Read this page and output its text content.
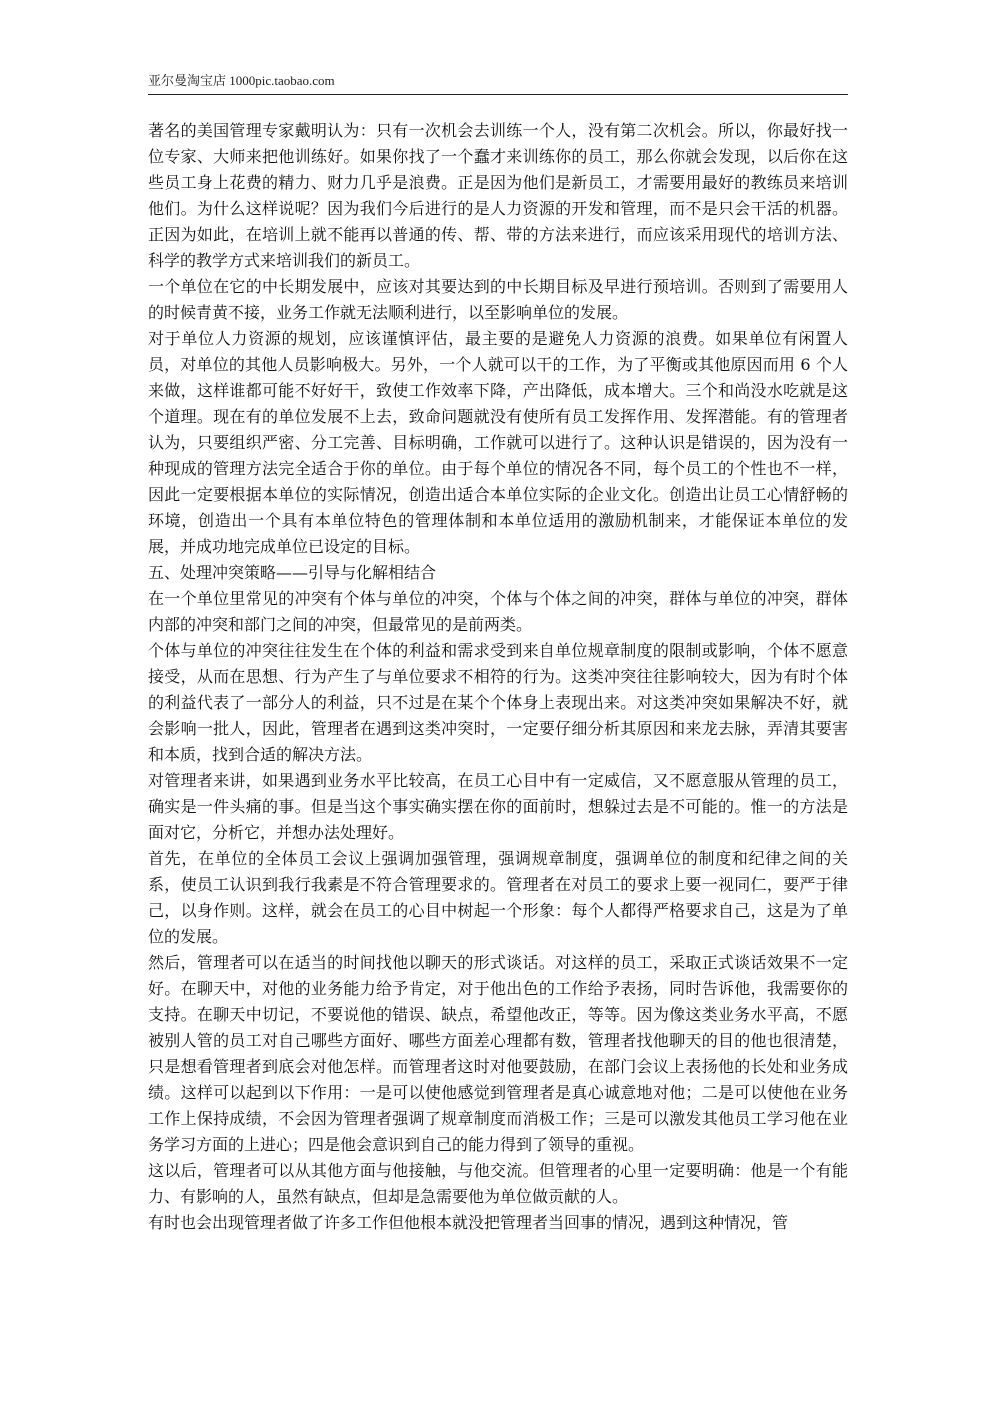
亚尔曼淘宝店 1000pic.taobao.com

著名的美国管理专家戴明认为：只有一次机会去训练一个人，没有第二次机会。所以，你最好找一位专家、大师来把他训练好。如果你找了一个蠢才来训练你的员工，那么你就会发现，以后你在这些员工身上花费的精力、财力几乎是浪费。正是因为他们是新员工，才需要用最好的教练员来培训他们。为什么这样说呢？因为我们今后进行的是人力资源的开发和管理，而不是只会干活的机器。正因为如此，在培训上就不能再以普通的传、帮、带的方法来进行，而应该采用现代的培训方法、科学的教学方式来培训我们的新员工。

一个单位在它的中长期发展中，应该对其要达到的中长期目标及早进行预培训。否则到了需要用人的时候青黄不接，业务工作就无法顺利进行，以至影响单位的发展。

对于单位人力资源的规划，应该谨慎评估，最主要的是避免人力资源的浪费。如果单位有闲置人员，对单位的其他人员影响极大。另外，一个人就可以干的工作，为了平衡或其他原因而用 6 个人来做，这样谁都可能不好好干，致使工作效率下降，产出降低，成本增大。三个和尚没水吃就是这个道理。现在有的单位发展不上去，致命问题就没有使所有员工发挥作用、发挥潜能。有的管理者认为，只要组织严密、分工完善、目标明确，工作就可以进行了。这种认识是错误的，因为没有一种现成的管理方法完全适合于你的单位。由于每个单位的情况各不同，每个员工的个性也不一样，因此一定要根据本单位的实际情况，创造出适合本单位实际的企业文化。创造出让员工心情舒畅的环境，创造出一个具有本单位特色的管理体制和本单位适用的激励机制来，才能保证本单位的发展，并成功地完成单位已设定的目标。

五、处理冲突策略——引导与化解相结合

在一个单位里常见的冲突有个体与单位的冲突，个体与个体之间的冲突，群体与单位的冲突，群体内部的冲突和部门之间的冲突，但最常见的是前两类。

个体与单位的冲突往往发生在个体的利益和需求受到来自单位规章制度的限制或影响，个体不愿意接受，从而在思想、行为产生了与单位要求不相符的行为。这类冲突往往影响较大，因为有时个体的利益代表了一部分人的利益，只不过是在某个个体身上表现出来。对这类冲突如果解决不好，就会影响一批人，因此，管理者在遇到这类冲突时，一定要仔细分析其原因和来龙去脉，弄清其要害和本质，找到合适的解决方法。

对管理者来讲，如果遇到业务水平比较高，在员工心目中有一定威信，又不愿意服从管理的员工，确实是一件头痛的事。但是当这个事实确实摆在你的面前时，想躲过去是不可能的。惟一的方法是面对它，分析它，并想办法处理好。

首先，在单位的全体员工会议上强调加强管理，强调规章制度，强调单位的制度和纪律之间的关系，使员工认识到我行我素是不符合管理要求的。管理者在对员工的要求上要一视同仁，要严于律己，以身作则。这样，就会在员工的心目中树起一个形象：每个人都得严格要求自己，这是为了单位的发展。

然后，管理者可以在适当的时间找他以聊天的形式谈话。对这样的员工，采取正式谈话效果不一定好。在聊天中，对他的业务能力给予肯定，对于他出色的工作给予表扬，同时告诉他，我需要你的支持。在聊天中切记，不要说他的错误、缺点，希望他改正，等等。因为像这类业务水平高，不愿被别人管的员工对自己哪些方面好、哪些方面差心理都有数，管理者找他聊天的目的他也很清楚，只是想看管理者到底会对他怎样。而管理者这时对他要鼓励，在部门会议上表扬他的长处和业务成绩。这样可以起到以下作用：一是可以使他感觉到管理者是真心诚意地对他；二是可以使他在业务工作上保持成绩，不会因为管理者强调了规章制度而消极工作；三是可以激发其他员工学习他在业务学习方面的上进心；四是他会意识到自己的能力得到了领导的重视。

这以后，管理者可以从其他方面与他接触，与他交流。但管理者的心里一定要明确：他是一个有能力、有影响的人，虽然有缺点，但却是急需要他为单位做贡献的人。

有时也会出现管理者做了许多工作但他根本就没把管理者当回事的情况，遇到这种情况，管
